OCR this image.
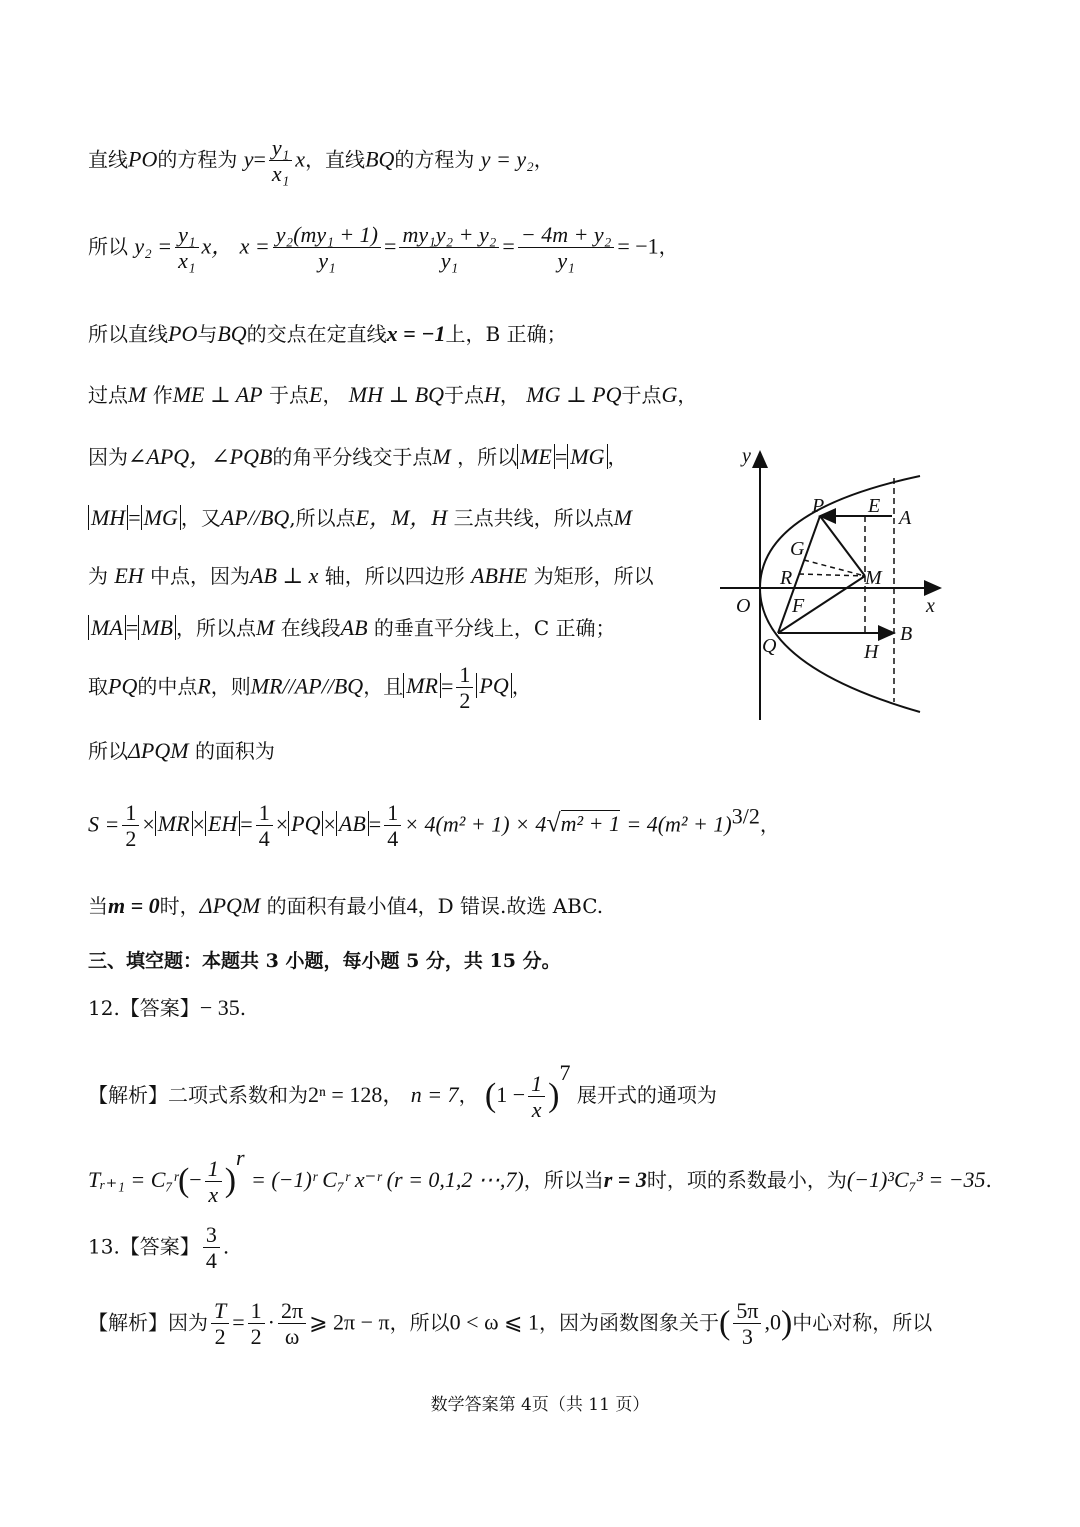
直线PO的方程为 $y= \frac{\text{y₁}}{\text{x₁}}$ x，直线BQ的方程为 y = y₂，
所以 $y_2 = \frac{\text{y₁}}{\text{x₁}}$ x， $x = \frac{\text{y₂(my₁ + 1)}}{\text{y₁}} = \frac{\text{my₁y₂ + y₂}}{\text{y₁}} = \frac{\text{− 4m + y₂}}{\text{y₁}} = -1$，
所以直线PO与BQ的交点在定直线x = −1上，B 正确；
过点M 作ME ⊥ AP 于点E， MH ⊥ BQ于点H， MG ⊥ PQ于点G，
因为∠APQ，∠PQB的角平分线交于点M ，所以 ME = MG ，
MH = MG ，又AP//BQ,所以点E，M，H 三点共线，所以点M
为 EH 中点，因为AB ⊥ x 轴，所以四边形 ABHE 为矩形，所以
MA = MB ，所以点M 在线段AB 的垂直平分线上，C 正确；
取PQ的中点R，则MR//AP//BQ，且 MR = $\frac{1}{2}$ PQ ，
所以ΔPQM 的面积为
$S = \frac{1}{2}$ × MR × EH = $\frac{1}{4}$ × PQ × AB = $\frac{1}{4} \times 4(m^2 + 1) \times 4√m^2 + 1 = 4(m^2 + 1)^{3/2}$，
当m = 0时，ΔPQM 的面积有最小值4，D 错误.故选 ABC.
三、填空题：本题共 3 小题，每小题 5 分，共 15 分。
12.【答案】− 35.
【解析】二项式系数和为2ⁿ = 128， n = 7， $(1 - \frac{1}{x} )^7$ 展开式的通项为
Tᵣ₊₁ = C₇ʳ(− $\frac{1}{x} )^r$ = (−1)ʳ C₇ʳ x⁻ʳ (r = 0,1,2 ⋯,7)，所以当r = 3时，项的系数最小，为(−1)³C₇³ = −35.
13.【答案】 $\frac{3}{4}$ .
【解析】因为 $\frac{T}{2} = \frac{1}{2} \cdot \frac{2\pi}{\omega}$ ⩾ 2π − π，所以0 < ω ⩽ 1，因为函数图象关于( $\frac{5\pi}{3} ,0$)中心对称，所以
y
x
O
P E
A
G
R	M
F
Q	H
B
数学答案第 4页（共 11 页）
